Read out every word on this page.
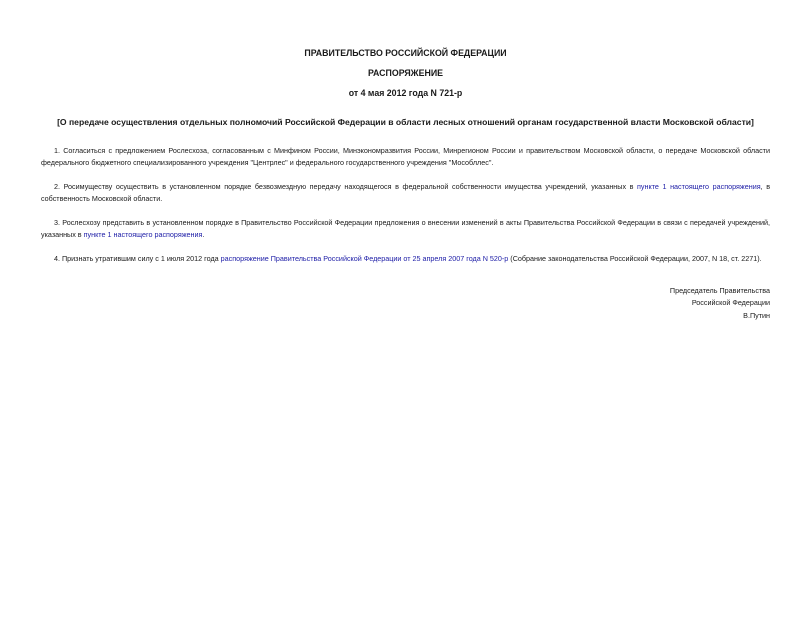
ПРАВИТЕЛЬСТВО РОССИЙСКОЙ ФЕДЕРАЦИИ
РАСПОРЯЖЕНИЕ
от 4 мая 2012 года N 721-р
[О передаче осуществления отдельных полномочий Российской Федерации в области лесных отношений органам государственной власти Московской области]

1. Согласиться с предложением Рослесхоза, согласованным с Минфином России, Минэкономразвития России, Минрегионом России и правительством Московской области, о передаче Московской области федерального бюджетного специализированного учреждения "Центрлес" и федерального государственного учреждения "Мособллес".

2. Росимуществу осуществить в установленном порядке безвозмездную передачу находящегося в федеральной собственности имущества учреждений, указанных в пункте 1 настоящего распоряжения, в собственность Московской области.

3. Рослесхозу представить в установленном порядке в Правительство Российской Федерации предложения о внесении изменений в акты Правительства Российской Федерации в связи с передачей учреждений, указанных в пункте 1 настоящего распоряжения.

4. Признать утратившим силу с 1 июля 2012 года распоряжение Правительства Российской Федерации от 25 апреля 2007 года N 520-р (Собрание законодательства Российской Федерации, 2007, N 18, ст. 2271).

Председатель Правительства
Российской Федерации
В.Путин
